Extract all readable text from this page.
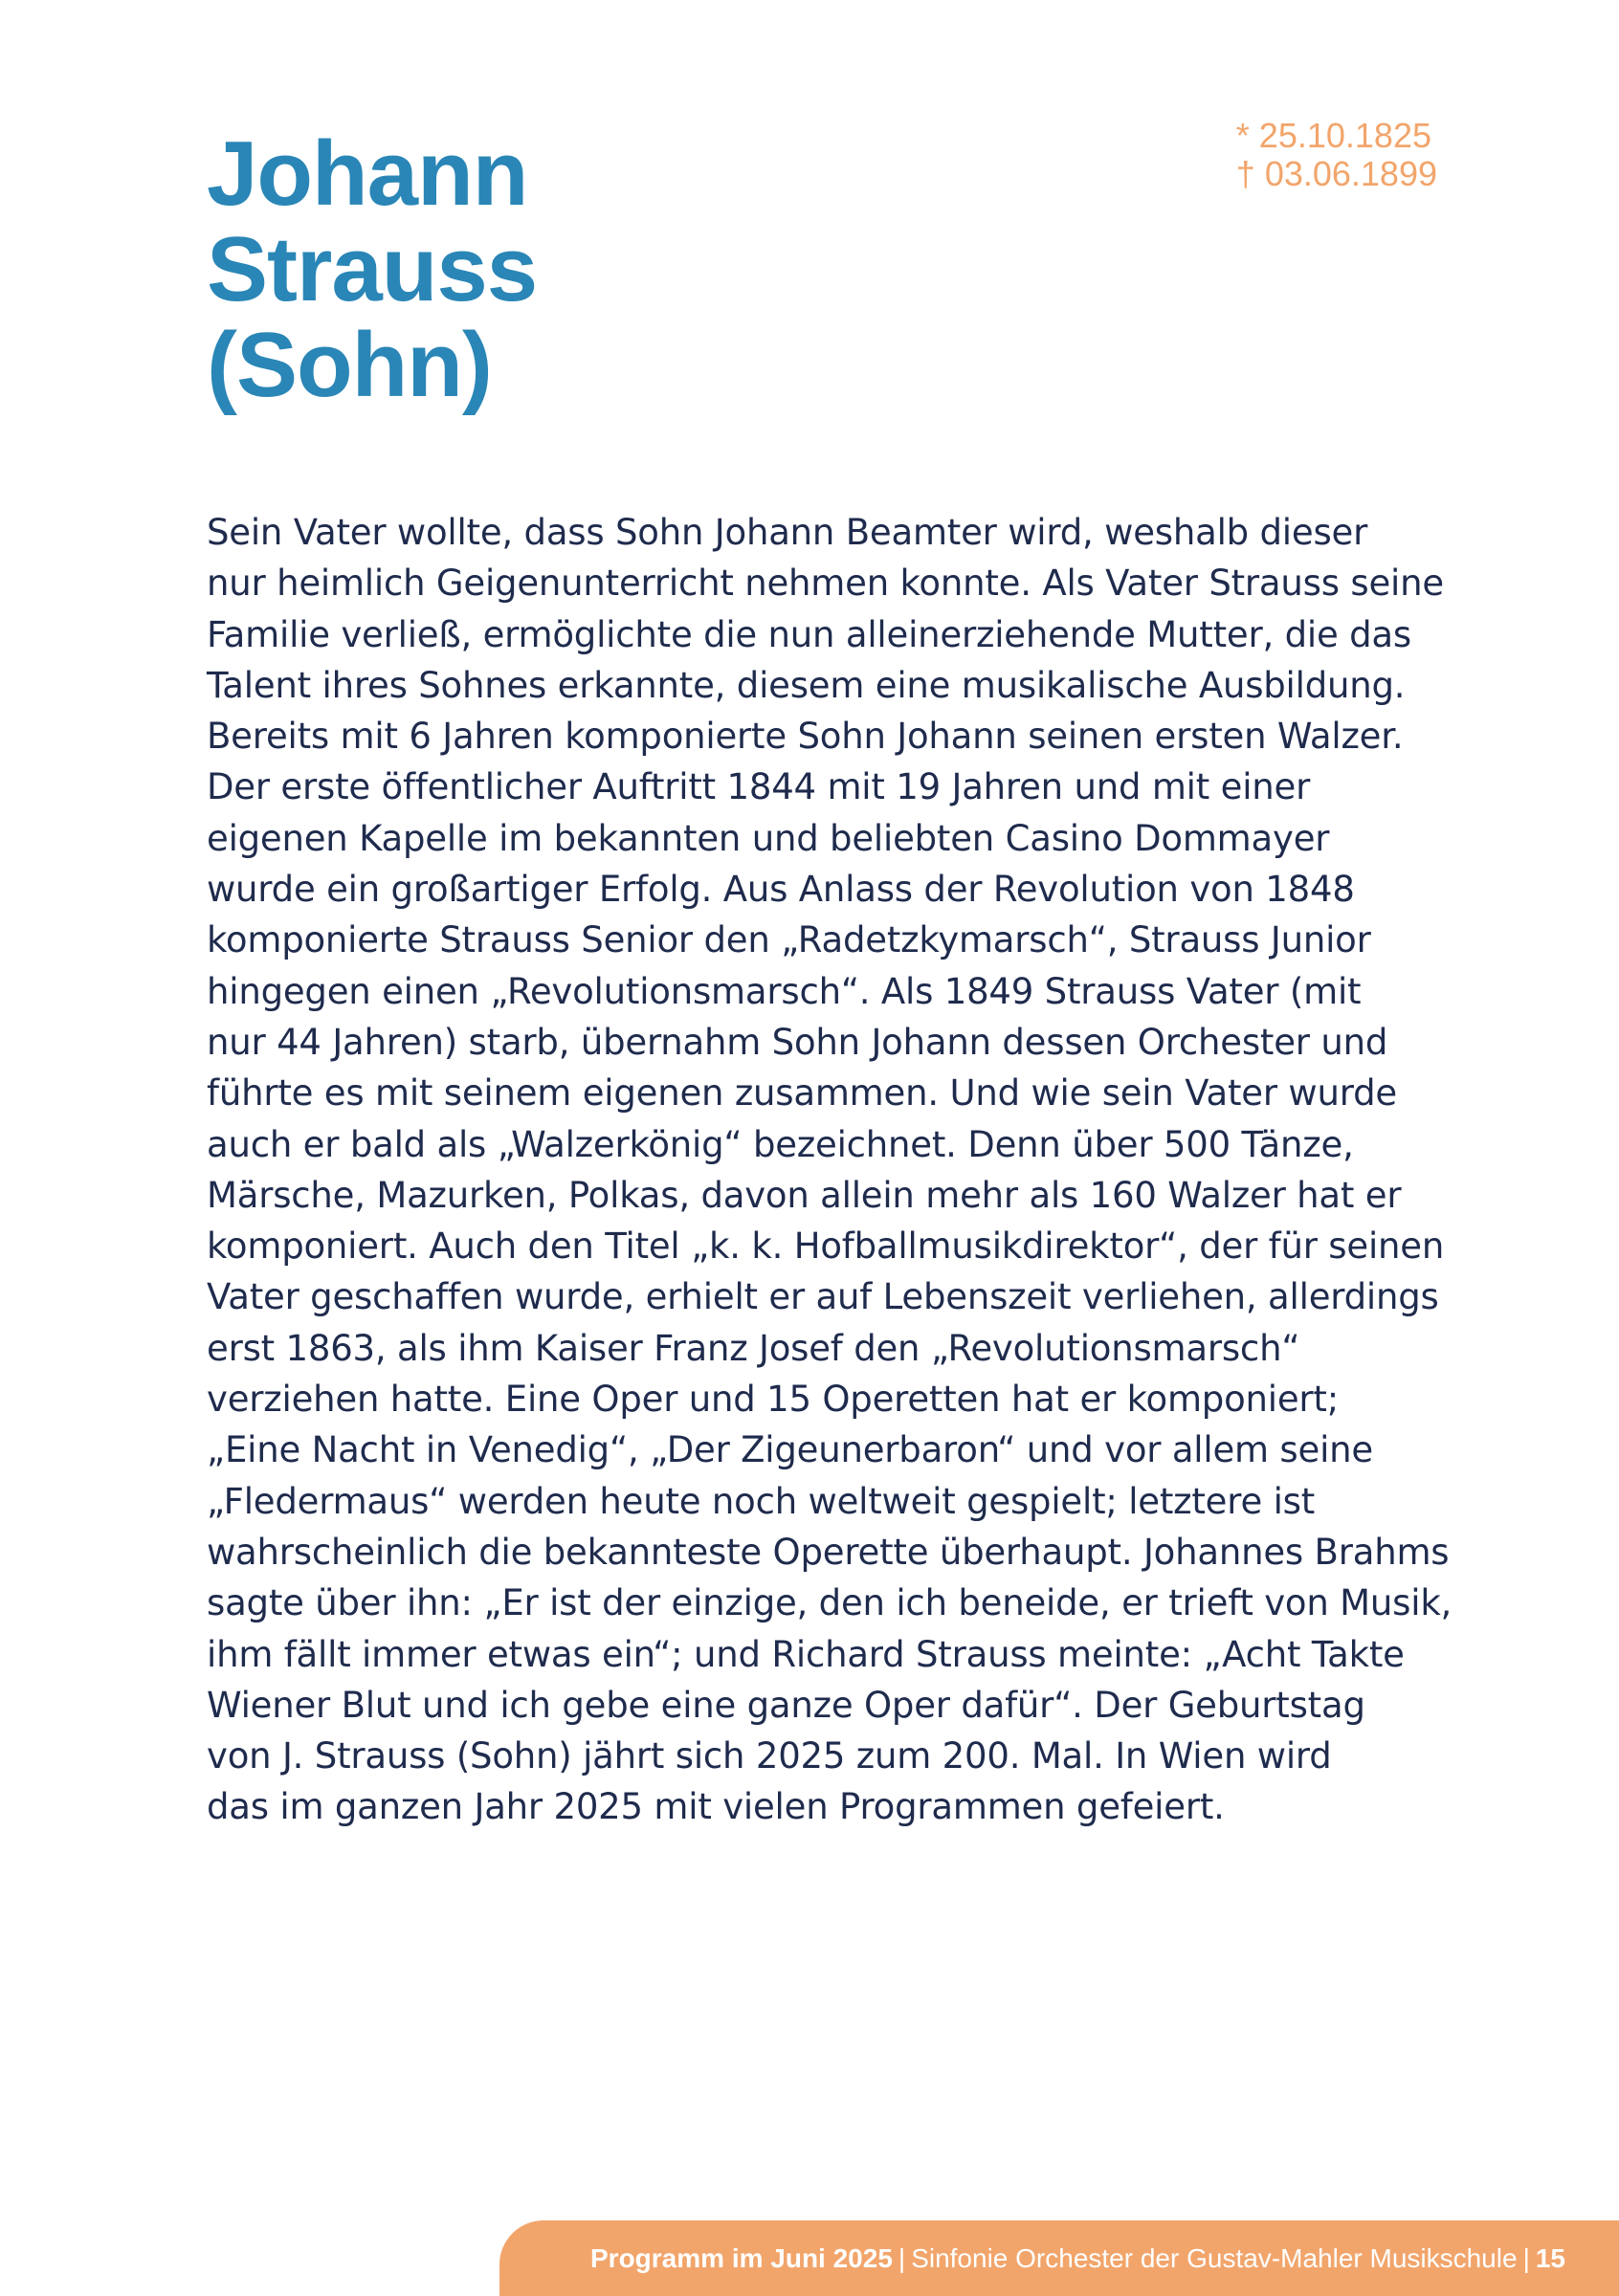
Johann
Strauss
(Sohn)
* 25.10.1825
† 03.06.1899
Sein Vater wollte, dass Sohn Johann Beamter wird, weshalb dieser
nur heimlich Geigenunterricht nehmen konnte. Als Vater Strauss seine
Familie verließ, ermöglichte die nun alleinerziehende Mutter, die das
Talent ihres Sohnes erkannte, diesem eine musikalische Ausbildung.
Bereits mit 6 Jahren komponierte Sohn Johann seinen ersten Walzer.
Der erste öffentlicher Auftritt 1844 mit 19 Jahren und mit einer
eigenen Kapelle im bekannten und beliebten Casino Dommayer
wurde ein großartiger Erfolg. Aus Anlass der Revolution von 1848
komponierte Strauss Senior den „Radetzkymarsch“, Strauss Junior
hingegen einen „Revolutionsmarsch“. Als 1849 Strauss Vater (mit
nur 44 Jahren) starb, übernahm Sohn Johann dessen Orchester und
führte es mit seinem eigenen zusammen. Und wie sein Vater wurde
auch er bald als „Walzerkönig“ bezeichnet. Denn über 500 Tänze,
Märsche, Mazurken, Polkas, davon allein mehr als 160 Walzer hat er
komponiert. Auch den Titel „k. k. Hofballmusikdirektor“, der für seinen
Vater geschaffen wurde, erhielt er auf Lebenszeit verliehen, allerdings
erst 1863, als ihm Kaiser Franz Josef den „Revolutionsmarsch“
verziehen hatte. Eine Oper und 15 Operetten hat er komponiert;
„Eine Nacht in Venedig“, „Der Zigeunerbaron“ und vor allem seine
„Fledermaus“ werden heute noch weltweit gespielt; letztere ist
wahrscheinlich die bekannteste Operette überhaupt. Johannes Brahms
sagte über ihn: „Er ist der einzige, den ich beneide, er trieft von Musik,
ihm fällt immer etwas ein“; und Richard Strauss meinte: „Acht Takte
Wiener Blut und ich gebe eine ganze Oper dafür“. Der Geburtstag
von J. Strauss (Sohn) jährt sich 2025 zum 200. Mal. In Wien wird
das im ganzen Jahr 2025 mit vielen Programmen gefeiert.
Programm im Juni 2025 | Sinfonie Orchester der Gustav-Mahler Musikschule | 15
